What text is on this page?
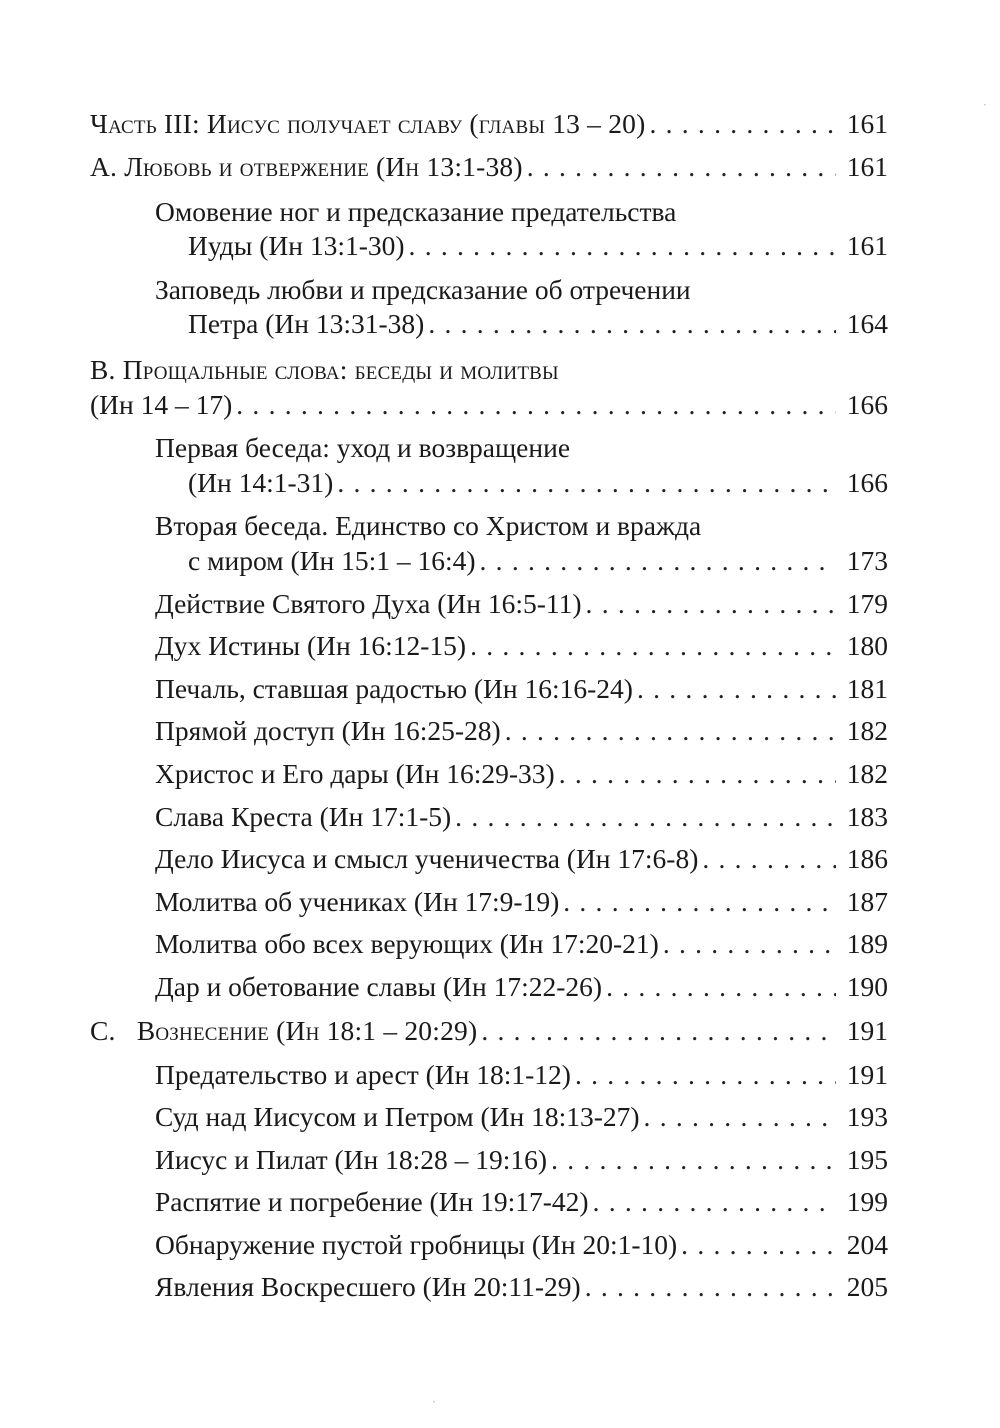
Часть III: Иисус получает славу (главы 13 – 20) . . .	161
А. Любовь и отвержение (Ин 13:1-38) . . .	161
Омовение ног и предсказание предательства
Иуды (Ин 13:1-30) . . .	161
Заповедь любви и предсказание об отречении
Петра (Ин 13:31-38) . . .	164
В. Прощальные слова: беседы и молитвы
(Ин 14 – 17) . . .	166
Первая беседа: уход и возвращение
(Ин 14:1-31) . . .	166
Вторая беседа. Единство со Христом и вражда
с миром (Ин 15:1 – 16:4) . . .	173
Действие Святого Духа (Ин 16:5-11) . . .	179
Дух Истины (Ин 16:12-15) . . .	180
Печаль, ставшая радостью (Ин 16:16-24) . . .	181
Прямой доступ (Ин 16:25-28) . . .	182
Христос и Его дары (Ин 16:29-33) . . .	182
Слава Креста (Ин 17:1-5) . . .	183
Дело Иисуса и смысл ученичества (Ин 17:6-8) . . .	186
Молитва об учениках (Ин 17:9-19) . . .	187
Молитва обо всех верующих (Ин 17:20-21) . . .	189
Дар и обетование славы (Ин 17:22-26) . . .	190
С.   Вознесение (Ин 18:1 – 20:29) . . .	191
Предательство и арест (Ин 18:1-12) . . .	191
Суд над Иисусом и Петром (Ин 18:13-27) . . .	193
Иисус и Пилат (Ин 18:28 – 19:16) . . .	195
Распятие и погребение (Ин 19:17-42) . . .	199
Обнаружение пустой гробницы (Ин 20:1-10) . . .	204
Явления Воскресшего (Ин 20:11-29) . . .	205
·
·
